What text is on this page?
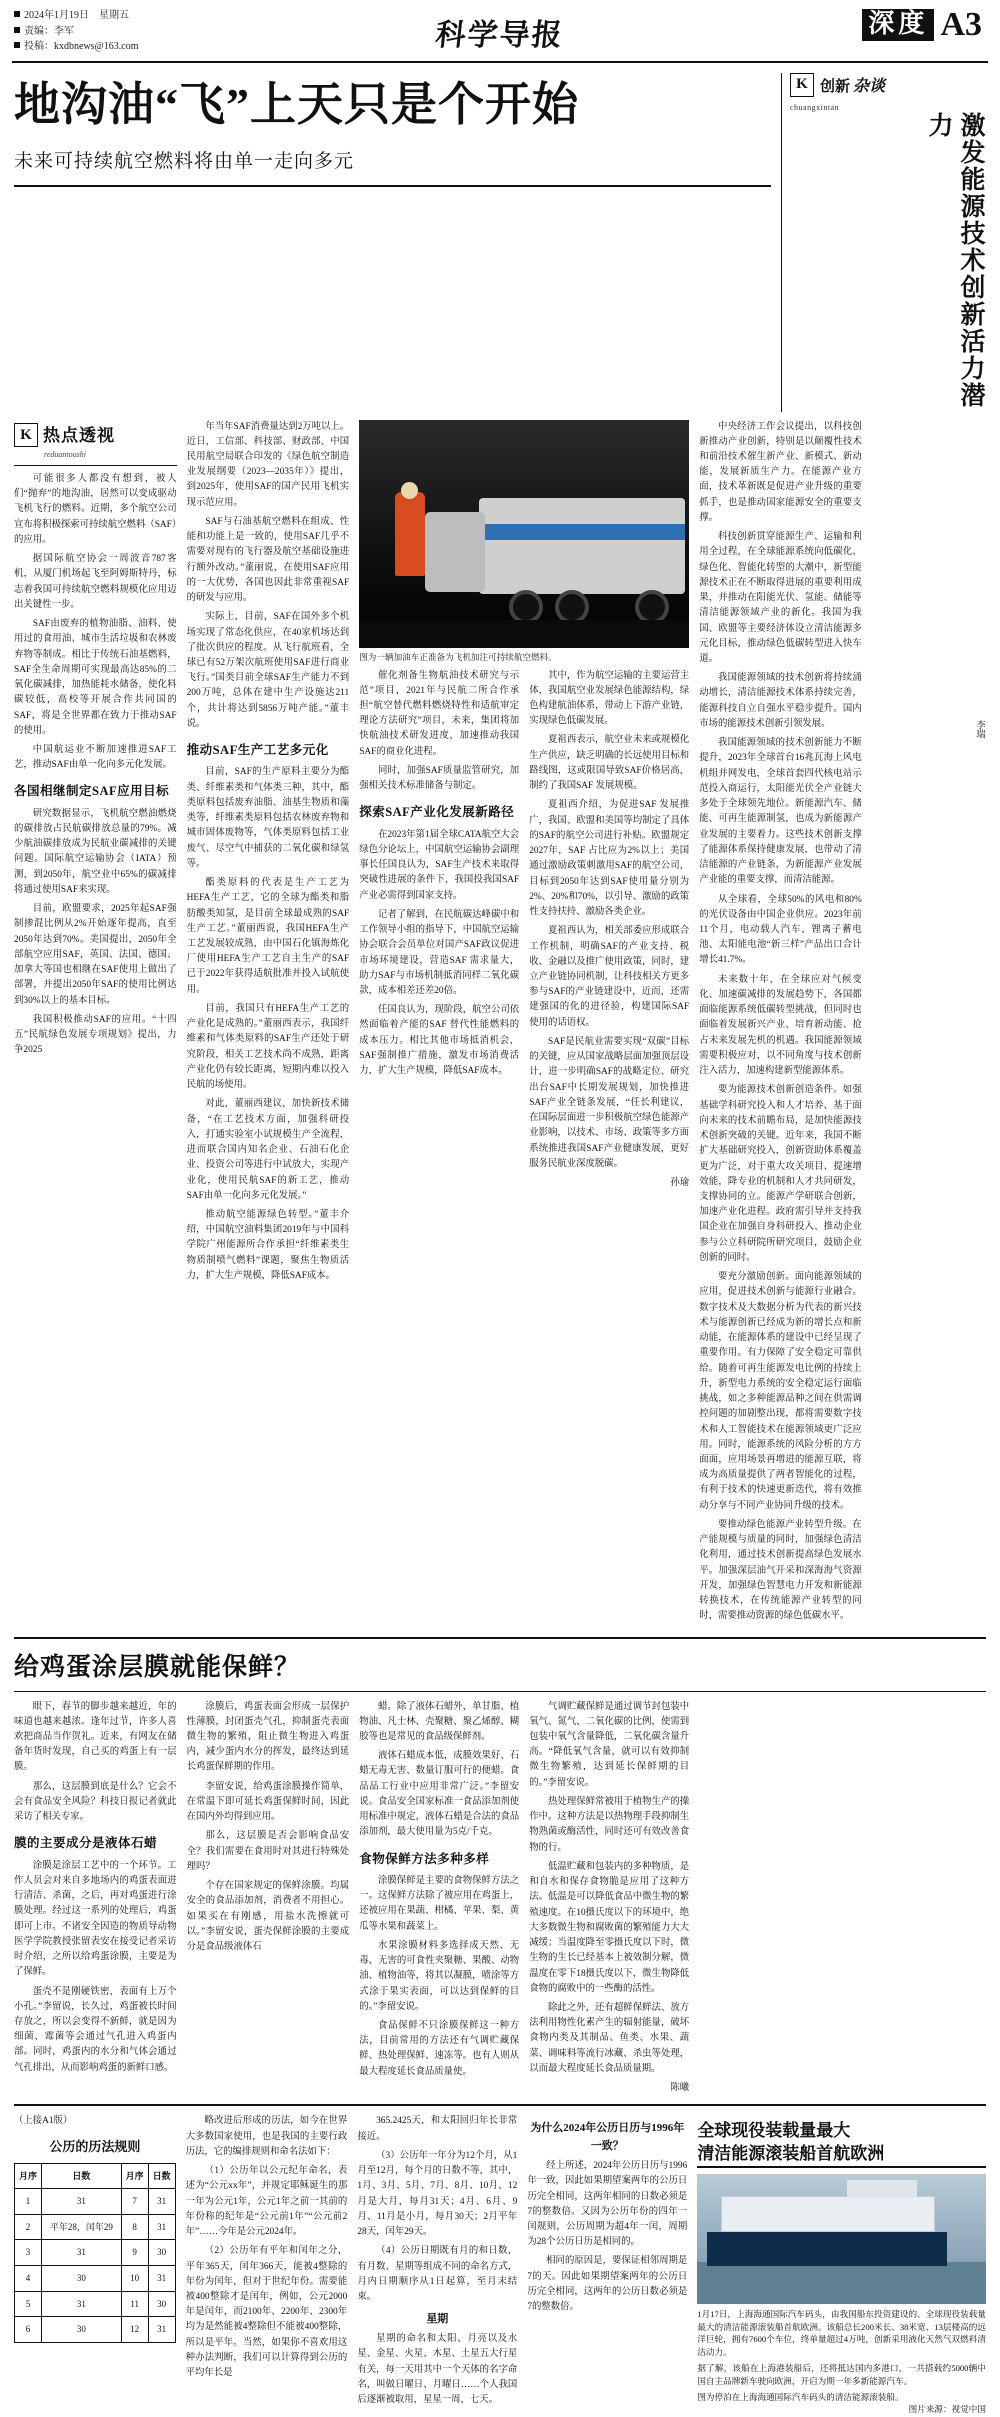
2024年1月19日　星期五
责编：李军
投稿：kxdbnews@163.com	科学导报	深度 A3
地沟油“飞”上天只是个开始
未来可持续航空燃料将由单一走向多元
K 创新 杂谈
chuangxintan
激发能源技术创新活力潜力
K 热点透视
reduantoushi

可能很多人都没有想到，被人们“抛弃”的地沟油，居然可以变成驱动飞机飞行的燃料。近期，多个航空公司宣布将积极探索可持续航空燃料（SAF）的应用。

据国际航空协会一周波音787客机，从厦门机场起飞至阿姆斯特丹，标志着我国可持续航空燃料规模化应用迈出关键性一步。

SAF由废弃的植物油脂、油料、使用过的食用油、城市生活垃圾和农林废弃物等制成。相比于传统石油基燃料，SAF全生命周期可实现最高达85%的二氧化碳减排，加热能耗水储备，使化料碳较低，高校等开展合作共同国的SAF，将是全世界都在致力于推动SAF的使用。

中国航运业不断加速推进SAF工艺，推动SAF由单一化向多元化发展。

各国相继制定SAF应用目标

研究数据显示，飞机航空燃油燃烧的碳排放占民航碳排放总量的79%。减少航油碳排放成为民航业碳减排的关键问题。国际航空运输协会（IATA）预测，到2050年，航空业中65%的碳减排将通过使用SAF来实现。

目前，欧盟要求，2025年起SAF强制掺混比例从2%开始逐年提高，直至2050年达到70%。美国提出，2050年全部航空应用SAF，英国、法国、德国、加拿大等国也相继在SAF使用上做出了部署，并提出2050年SAF的使用比例达到30%以上的基本目标。

我国积极推动SAF的应用。“十四五”民航绿色发展专项规划》提出，力争2025

年当年SAF消费量达到2万吨以上。近日，工信部、科技部、财政部、中国民用航空局联合印发的《绿色航空制造业发展纲要（2023—2035年）》提出，到2025年，使用SAF的国产民用飞机实现示范应用。

SAF与石油基航空燃料在组成、性能和功能上是一致的，使用SAF几乎不需要对现有的飞行器及航空基础设施进行额外改动。”董丽说，在使用SAF应用的一大优势，各国也因此非常重视SAF的研发与应用。

实际上，目前，SAF在国外多个机场实现了常态化供应，在40家机场达到了批次供应的程度。从飞行航班看，全球已有52万架次航班使用SAF进行商业飞行。”国类目前全球SAF生产能力不到200万吨，总体在建中生产设施达211个，共计将达到5856万吨产能。”董丰说。

推动SAF生产工艺多元化

目前，SAF的生产原料主要分为酯类、纤维素类和气体类三种，其中，酯类原料包括废弃油脂、油基生物质和藻类等，纤维素类原料包括农林废弃物和城市固体废物等，气体类原料包括工业废气、尽空气中捕获的二氧化碳和绿氢等。

酯类原料的代表是生产工艺为HEFA生产工艺，它的全球为酯类和脂肪酸类知氢，是目前全球最成熟的SAF生产工艺。”董丽西说，我国HEFA生产工艺发展较成熟，由中国石化镇海炼化厂使用HEFA生产工艺自主生产的SAF已于2022年获得适航批准并投入试航使用。

目前，我国只有HEFA生产工艺的产业化是成熟的。”董丽西表示，我国纤维素和气体类原料的SAF生产还处于研究阶段，相关工艺技术尚不成熟，距离产业化仍有较长距离，短期内难以投入民航的场使用。

对此，董丽西建议，加快新技术储备，“在工艺技术方面，加强科研投入，打通实验室小试规模生产全流程，进而联合国内知名企业、石油石化企业、投资公司等进行中试放大，实现产业化，使用民航SAF的新工艺，推动SAF由单一化向多元化发展。”

推动航空能源绿色转型。”董丰介绍，中国航空油料集团2019年与中国科学院广州能源所合作承担“纤维素类生物质制喷气燃料”课题，聚焦生物质活力，扩大生产规模，降低SAF成本。

图为一辆加油车正准备为飞机加注可持续航空燃料。

催化剂备生物航油技术研究与示范”项目，2021年与民航二所合作承担“航空替代燃料燃烧特性和适航审定理论方法研究”项目，未来，集团将加快航油技术研发进度，加速推动我国SAF的商业化进程。

同时，加强SAF质量监管研究，加强相关技术标准储备与制定。

探索SAF产业化发展新路径

在2023年第1届全球CATA航空大会绿色分论坛上，中国航空运输协会副理事长任国良认为，SAF生产技术来取得突破性进展的条件下，我国投我国SAF产业必需得到国家支持。

记者了解到，在民航碳达峰碳中和工作领导小组的指导下，中国航空运输协会联合会员单位对国产SAF政议促进市场环境建设，营造SAF 需求量大，助力SAF与市场机制抵消同样二氧化碳款，成本相差还差20倍。

任国良认为，现阶段，航空公司依然面临着产能的SAF 替代性能燃料的成本压力。相比其他市场抵消机会，SAF强制推广措施，激发市场消费活力，扩大生产规模，降低SAF成本。

其中，作为航空运输的主要运营主体，我国航空业发展绿色能源结构，绿色构建航油体系，带动上下游产业链，实现绿色低碳发展。

夏祖西表示，航空业未来或规模化生产供应，缺乏明确的长远使用目标和路线图，这或限国导致SAF价格居高，制约了我国SAF 发展规模。

夏祖西介绍，为促进SAF 发展推广，我国、欧盟和美国等均制定了具体的SAF的航空公司进行补贴。欧盟规定2027年，SAF 占比应为2%以上；美国通过激励政策刺激用SAF的航空公司，目标到2050年达到SAF使用量分别为2%、20%和70%，以引导、激励的政策性支持扶持、激励各类企业。

夏祖西认为，相关部委应形成联合工作机制，明确SAF的产业支持、税收、金融以及推广使用政策，同时，建立产业链协同机制，让科技相关方更多参与SAF的产业链建设中，近而，还需建强国的化的进径验，构建国际SAF 使用的话语权。

SAF是民航业需要实现“双碳”目标的关键，应从国家战略层面加强顶层设计，进一步明确SAF的战略定位、研究出台SAF中长期发展规划，加快推进SAF产业全链条发展，“任长利建议，在国际层面进一步积极航空绿色能源产业影响，以技术、市场、政策等多方面系统推进我国SAF产业健康发展，更好服务民航业深度脱碳。

孙瑜

中央经济工作会议提出，以科技创新推动产业创新，特别是以颠覆性技术和前沿技术催生新产业、新模式、新动能，发展新质生产力。在能源产业方面，技术革新既是促进产业升级的重要抓手，也是推动国家能源安全的重要支撑。

科技创新贯穿能源生产、运输和利用全过程，在全球能源系统向低碳化、绿色化、智能化转型的大潮中，新型能源技术正在不断取得进展的重要利用成果，并推动在阳能光伏、氢能、储能等清洁能源领域产业的新化。我国为我国、欧盟等主要经济体设立清洁能源多元化目标，推动绿色低碳转型进入快车道。

我国能源领域的技术创新将持续涌动增长，清洁能源技术体系持续完善，能源科技自立自强水平稳步提升。国内市场的能源技术创新引领发展。

我国能源领域的技术创新能力不断提升，2023年全球首台16兆瓦海上风电机组并网发电，全球首套四代核电站示范投入商运行，太阳能光伏全产业链大多处于全球领先地位。新能源汽车、储能、可再生能源制氢，也成为新能源产业发展的主要着力。这些技术创新支撑了能源体系保持健康发展，也带动了清洁能源的产业链条，为新能源产业发展产业能的重要支撑，而清洁能源。

从全球看，全球50%的风电和80%的光伏设备由中国企业供应。2023年前11个月，电动载人汽车、锂离子蓄电池、太阳能电池“新三样”产品出口合计增长41.7%。

未来数十年，在全球应对气候变化、加速碳减排的发展趋势下，各国都面临能源系统低碳转型挑战，但同时也面临着发展新兴产业、培育新动能、抢占未来发展先机的机遇。我国能源领域需要积极应对，以不同角度与技术创新注入活力，加速构建新型能源体系。

要为能源技术创新创造条件。如强基础学科研究投入和人才培养、基于面向未来的技术前瞻布局，是加快能源技术创新突破的关键。近年来，我国不断扩大基础研究投入，创新资助体系覆盖更为广泛，对于重大攻关项目、提速增效能，降专业的机制和人才共同研发，支撑协同的立。能源产学研联合创新，加速产业化进程。政府需引导并支持我国企业在加强自身科研投入、推动企业参与公立科研院所研究项目，鼓励企业创新的同时。

要充分激励创新。面向能源领域的应用，促进技术创新与能源行业融合。数字技术及大数据分析为代表的新兴技术与能源创新已经成为新的增长点和新动能，在能源体系的建设中已经呈现了重要作用。有力保障了安全稳定可靠供给。随着可再生能源发电比例的持续上升，新型电力系统的安全稳定运行面临挑战，如之多种能源品种之间在供需调控问题的加剧整出现，都将需要数字技术和人工智能技术在能源领域更广泛应用。同时，能源系统的风险分析的方方面面，应用场景再增进的能源互联，将成为高质量提供了两者智能化的过程，有利于技术的快速更新迭代，将有效推动分享与不同产业协同升级的技术。

要推动绿色能源产业转型升级。在产能规模与质量的同时，加强绿色清洁化利用，通过技术创新提高绿色发展水平。加强深层油气开采和深海海气资源开发，加强绿色智慧电力开发和新能源转换技术，在传统能源产业转型的同时，需要推动资源的绿色低碳水平。

李瑞
给鸡蛋涂层膜就能保鲜？

眼下，春节的脚步越来越近，年的味道也越来越浓。逢年过节，许多人喜欢把商品当作贺礼。近来，有网友在储备年货时发现，自己买的鸡蛋上有一层膜。

那么，这层膜到底是什么？它会不会有食品安全风险？科技日报记者就此采访了相关专家。

膜的主要成分是液体石蜡

涂膜是涂层工艺中的一个环节。工作人员会对来自多地场内的鸡蛋表面进行清洁、杀菌，之后，再对鸡蛋进行涂膜处理。经过这一系列的处理后，鸡蛋即可上市。不诸安全因造的物质导动物医学学院教授张留表安在接受记者采访时介绍，之所以给鸡蛋涂膜，主要是为了保鲜。

蛋壳不是刚硬铁密，表面有上万个小孔。”李留说，长久过，鸡蛋被长时间存放之，所以会变得不新鲜，就是因为细菌、霉菌等会通过气孔进入鸡蛋内部。同时，鸡蛋内的水分和气体会通过气孔排出，从而影响鸡蛋的新鲜口感。

涂膜后，鸡蛋表面会形成一层保护性薄膜，封闭蛋壳气孔，抑制蛋壳表面微生物的繁殖，阻止微生物进入鸡蛋内，减少蛋内水分的挥发，最终达到延长鸡蛋保鲜期的作用。

李留安说，给鸡蛋涂膜操作简单，在常温下即可延长鸡蛋保鲜时间，因此在国内外均得到应用。

那么，这层膜是否会影响食品安全？我们需要在食用时对其进行特殊处理吗？

个存在国家规定的保鲜涂膜。均属安全的食品添加剂，消费者不用担心。如果买在有刚感，用盐水洗擦就可以。”李留安说，蛋壳保鲜涂膜的主要成分是食品级液体石

蜡。除了液体石蜡外，单甘脂、植物油、凡士林、壳聚糖、聚乙烯醇、糊胶等也是常见的食品级保鲜剂。

液体石蜡成本低，成膜效果好、石蜡无毒无害、数量订服可行的便蜡。食品品工行业中应用非常广泛。”李留安说。食品安全国家标准一食品添加剂使用标准中规定，液体石蜡是合法的食品添加剂，最大使用量为5克/千克。

食物保鲜方法多种多样

涂膜保鲜是主要的食物保鲜方法之一。这保鲜方法除了被应用在鸡蛋上，还被应用在果蔬、柑橘、苹果、梨、黄瓜等水果和蔬菜上。

水果涂膜材料多选择成天然、无毒、无害的可食性夹聚糖、果酸、动物油、植物油等，将其以凝膜，喷涂等方式涂于果实表面，可以达到保鲜的目的。”李留安说。

食品保鲜不只涂膜保鲜这一种方法，目前常用的方法还有气调贮藏保鲜、热处理保鲜、速冻等。也有人则从最大程度延长食品质量使。

气调贮藏保鲜是通过调节封包装中氧气、氮气、二氧化碳的比例，使需到包装中氧气含量降低，二氧化碳含量升高。“降低氧气含量，就可以有效抑制微生物繁殖，达到延长保鲜期的目的。”李留安说。

热处理保鲜常被用于植物生产的操作中。这种方法是以热物理手段抑制生物熟菌或酶活性，同时还可有效改善食物的行。

低温贮藏和包装内的多种物质，是和自水和保存食物脆是应用了这种方法。低温是可以降低食品中微生物的繁殖速度。在10摄氏度以下的环境中，绝大多数微生物和腐败菌的繁殖能力大大减缓；当温度降至零摄氏度以下时，微生物的生长已经基本上被效制分解，微温度在零下18摄氏度以下，微生物降低食物的腐败中的一些酶的活性。

除此之外，还有超鲜保鲜法、放方法利用物性化素产生的辐射能量，破坏食物内类及其制品、鱼类、水果、蔬菜、调味料等流行冰藏、杀虫等处理，以而最大程度延长食品质量期。

陈曦

（上接A1版）

公历的历法规则
月序	日数	月序	日数
1	31	7	31
2	平年28，闰年29	8	31
3	31	9	30
4	30	10	31
5	31	11	30
6	30	12	31

略改进后形成的历法，如今在世界大多数国家使用，也是我国的主要行政历法，它的编排规则和命名法如下：

（1）公历年以公元纪年命名，表述为“公元xx年”，并规定耶稣诞生的那一年为公元1年，公元1年之前一其前的年份称的纪年是“公元前1年”“公元前2年”……今年是公元2024年。

（2）公历年有平年和闰年之分，平年365天，闰年366天，能被4整除的年份为闰年，但对于世纪年份。需要能被400整除才是闰年，例如，公元2000年是闰年，而2100年、2200年、2300年均为是然能被4整除但不能被400整除，所以是平年。当然，如果你不喜欢用这种办法判断，我们可以计算得到公历的平均年长是

365.2425天，和太阳回归年长非常接近。

（3）公历年一年分为12个月，从1月至12月，每个月的日数不等，其中，1月、3月、5月、7月、8月、10月、12月是大月，每月31天；4月、6月、9月、11月是小月，每月30天；2月平年28天，闰年29天。

（4）公历日期既有月的和日数，有月数、星期等组成不同的命名方式，月内日期顺序从1日起算，至月末结束。

星期

星期的命名和太阳、月亮以及水星、金星、火星、木星、土星五大行星有关，每一天用其中一个天体的名字命名，叫做日曜日、月曜日……个人我国后逐渐被取用，星星一周，七天。

为什么2024年公历日历与1996年一致？

经上所述，2024年公历日历与1996年一致，因此如果期望案两年的公历日历完全相同，这两年相同的日数必须是7的整数倍。又因为公历年份的四年一闰规则，公历周期为超4年一闰，周期为28个公历日历是相同的。

相同的原因是，要保证相邻周期是7的天。因此如果期望案两年的公历日历完全相同，这两年的公历日数必须是7的整数倍。

全球现役装载量最大
清洁能源滚装船首航欧洲
1月17日，上海海通国际汽车码头，由我国船东投资建设的、全球现役装载量最大的清洁能源滚装船首航欧洲。该船总长200米长、38米宽、13层楼高的远洋巨轮，拥有7600个车位，终单量超过4万吨，创新采用液化天然气双燃料清洁动力。
据了解，该船在上海港装船后，还将抵达国内多港口，一共搭载约5000辆中国自主品牌新车驶向欧洲，开启为期一年多新能源汽车。
图为停泊在上海海通国际汽车码头的清洁能源滚装船。
图片来源：视觉中国
